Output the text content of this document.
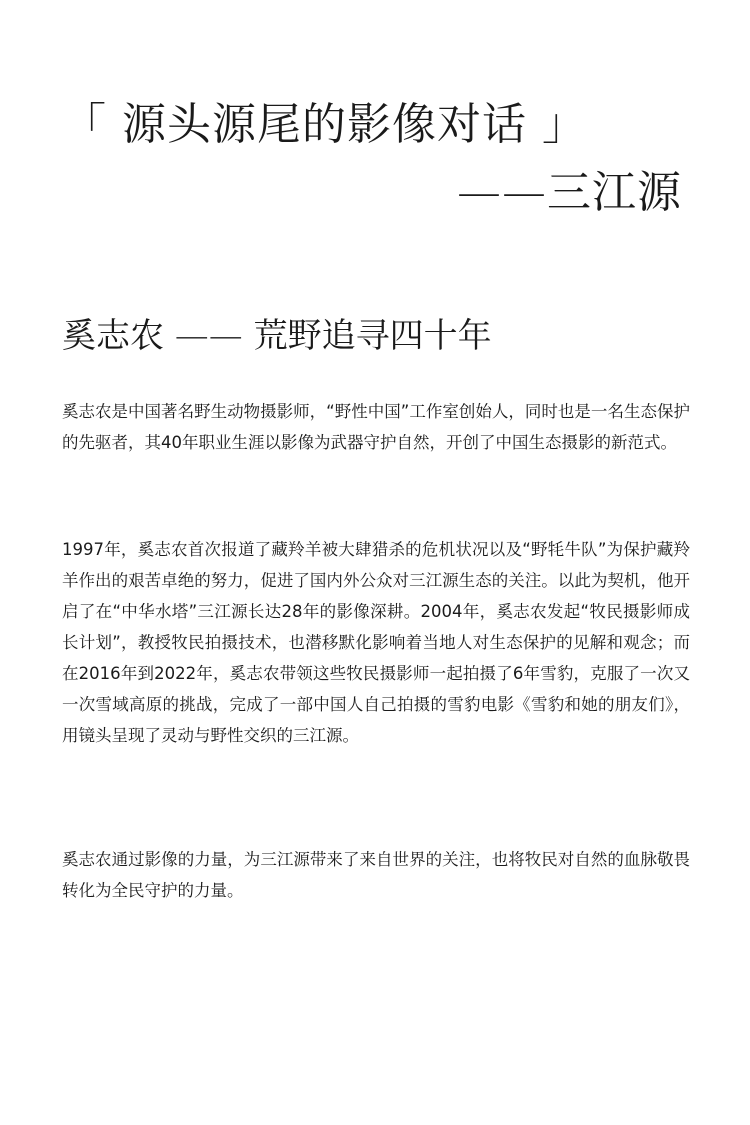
「 源头源尾的影像对话 」
——三江源
奚志农 —— 荒野追寻四十年

奚志农是中国著名野生动物摄影师，“野性中国”工作室创始人，同时也是一名生态保护的先驱者，其40年职业生涯以影像为武器守护自然，开创了中国生态摄影的新范式。

1997年，奚志农首次报道了藏羚羊被大肆猎杀的危机状况以及“野牦牛队”为保护藏羚羊作出的艰苦卓绝的努力，促进了国内外公众对三江源生态的关注。以此为契机，他开启了在“中华水塔”三江源长达28年的影像深耕。2004年，奚志农发起“牧民摄影师成长计划”，教授牧民拍摄技术，也潜移默化影响着当地人对生态保护的见解和观念；而在2016年到2022年，奚志农带领这些牧民摄影师一起拍摄了6年雪豹，克服了一次又一次雪域高原的挑战，完成了一部中国人自己拍摄的雪豹电影《雪豹和她的朋友们》，用镜头呈现了灵动与野性交织的三江源。

奚志农通过影像的力量，为三江源带来了来自世界的关注，也将牧民对自然的血脉敬畏转化为全民守护的力量。
